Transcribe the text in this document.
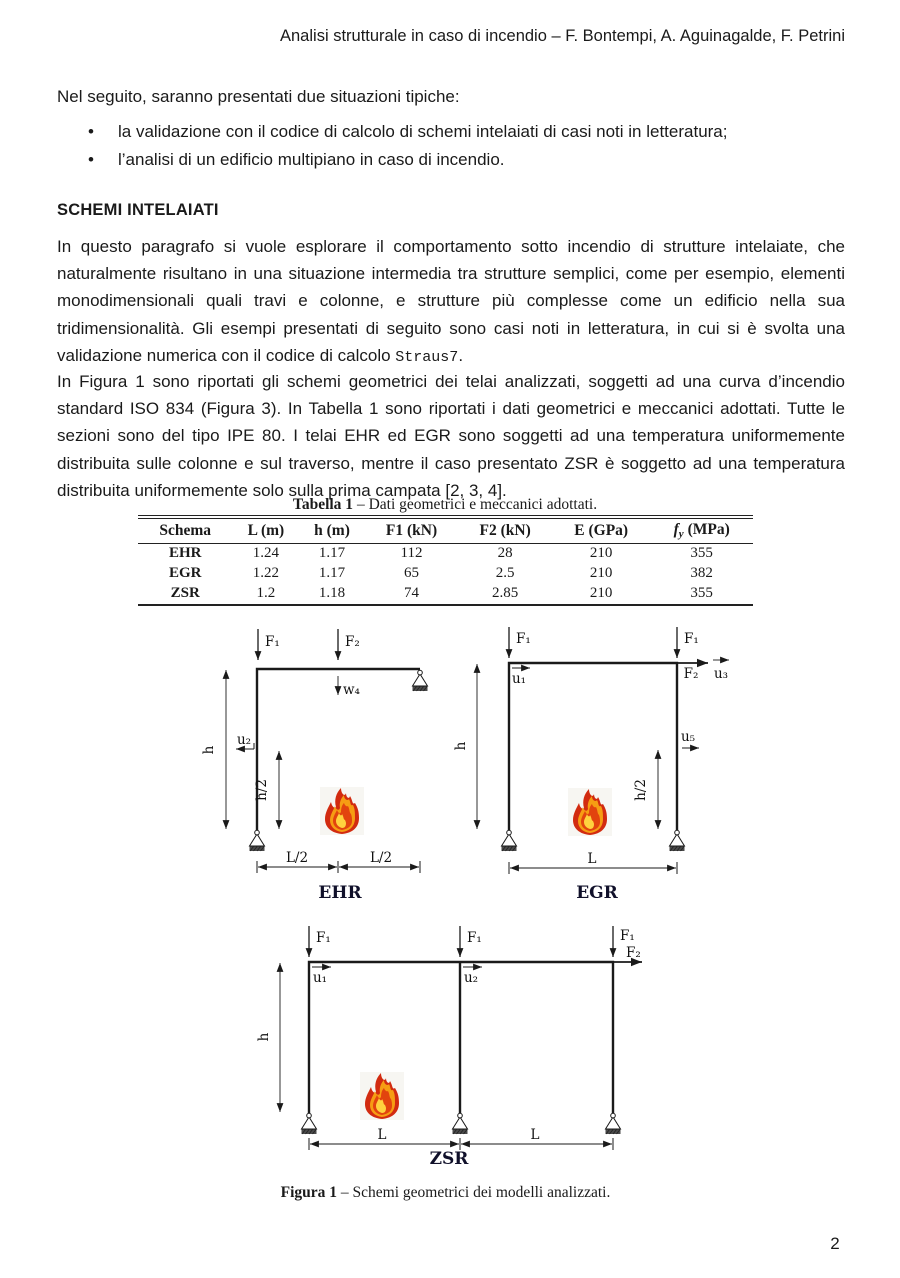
Analisi strutturale in caso di incendio – F. Bontempi, A. Aguinagalde, F. Petrini
Nel seguito, saranno presentati due situazioni tipiche:
• la validazione con il codice di calcolo di schemi intelaiati di casi noti in letteratura;
• l’analisi di un edificio multipiano in caso di incendio.
SCHEMI INTELAIATI
In questo paragrafo si vuole esplorare il comportamento sotto incendio di strutture intelaiate, che naturalmente risultano in una situazione intermedia tra strutture semplici, come per esempio, elementi monodimensionali quali travi e colonne, e strutture più complesse come un edificio nella sua tridimensionalità. Gli esempi presentati di seguito sono casi noti in letteratura, in cui si è svolta una validazione numerica con il codice di calcolo Straus7.
In Figura 1 sono riportati gli schemi geometrici dei telai analizzati, soggetti ad una curva d’incendio standard ISO 834 (Figura 3). In Tabella 1 sono riportati i dati geometrici e meccanici adottati. Tutte le sezioni sono del tipo IPE 80. I telai EHR ed EGR sono soggetti ad una temperatura uniformemente distribuita sulle colonne e sul traverso, mentre il caso presentato ZSR è soggetto ad una temperatura distribuita uniformemente solo sulla prima campata [2, 3, 4].
Tabella 1 – Dati geometrici e meccanici adottati.
Schema	L (m)	h (m)	F1 (kN)	F2 (kN)	E (GPa)	fy (MPa)
EHR	1.24	1.17	112	28	210	355
EGR	1.22	1.17	65	2.5	210	382
ZSR	1.2	1.18	74	2.85	210	355
F₁	F₂
w₄
h
u₂
h/2
L/2	L/2
EHR
F₁	F₁
u₁	F₂ u₃
u₅
h
h/2
L
EGR
F₁	F₁	F₁
F₂
u₁	u₂
h
L	L
ZSR
Figura 1 – Schemi geometrici dei modelli analizzati.
2
